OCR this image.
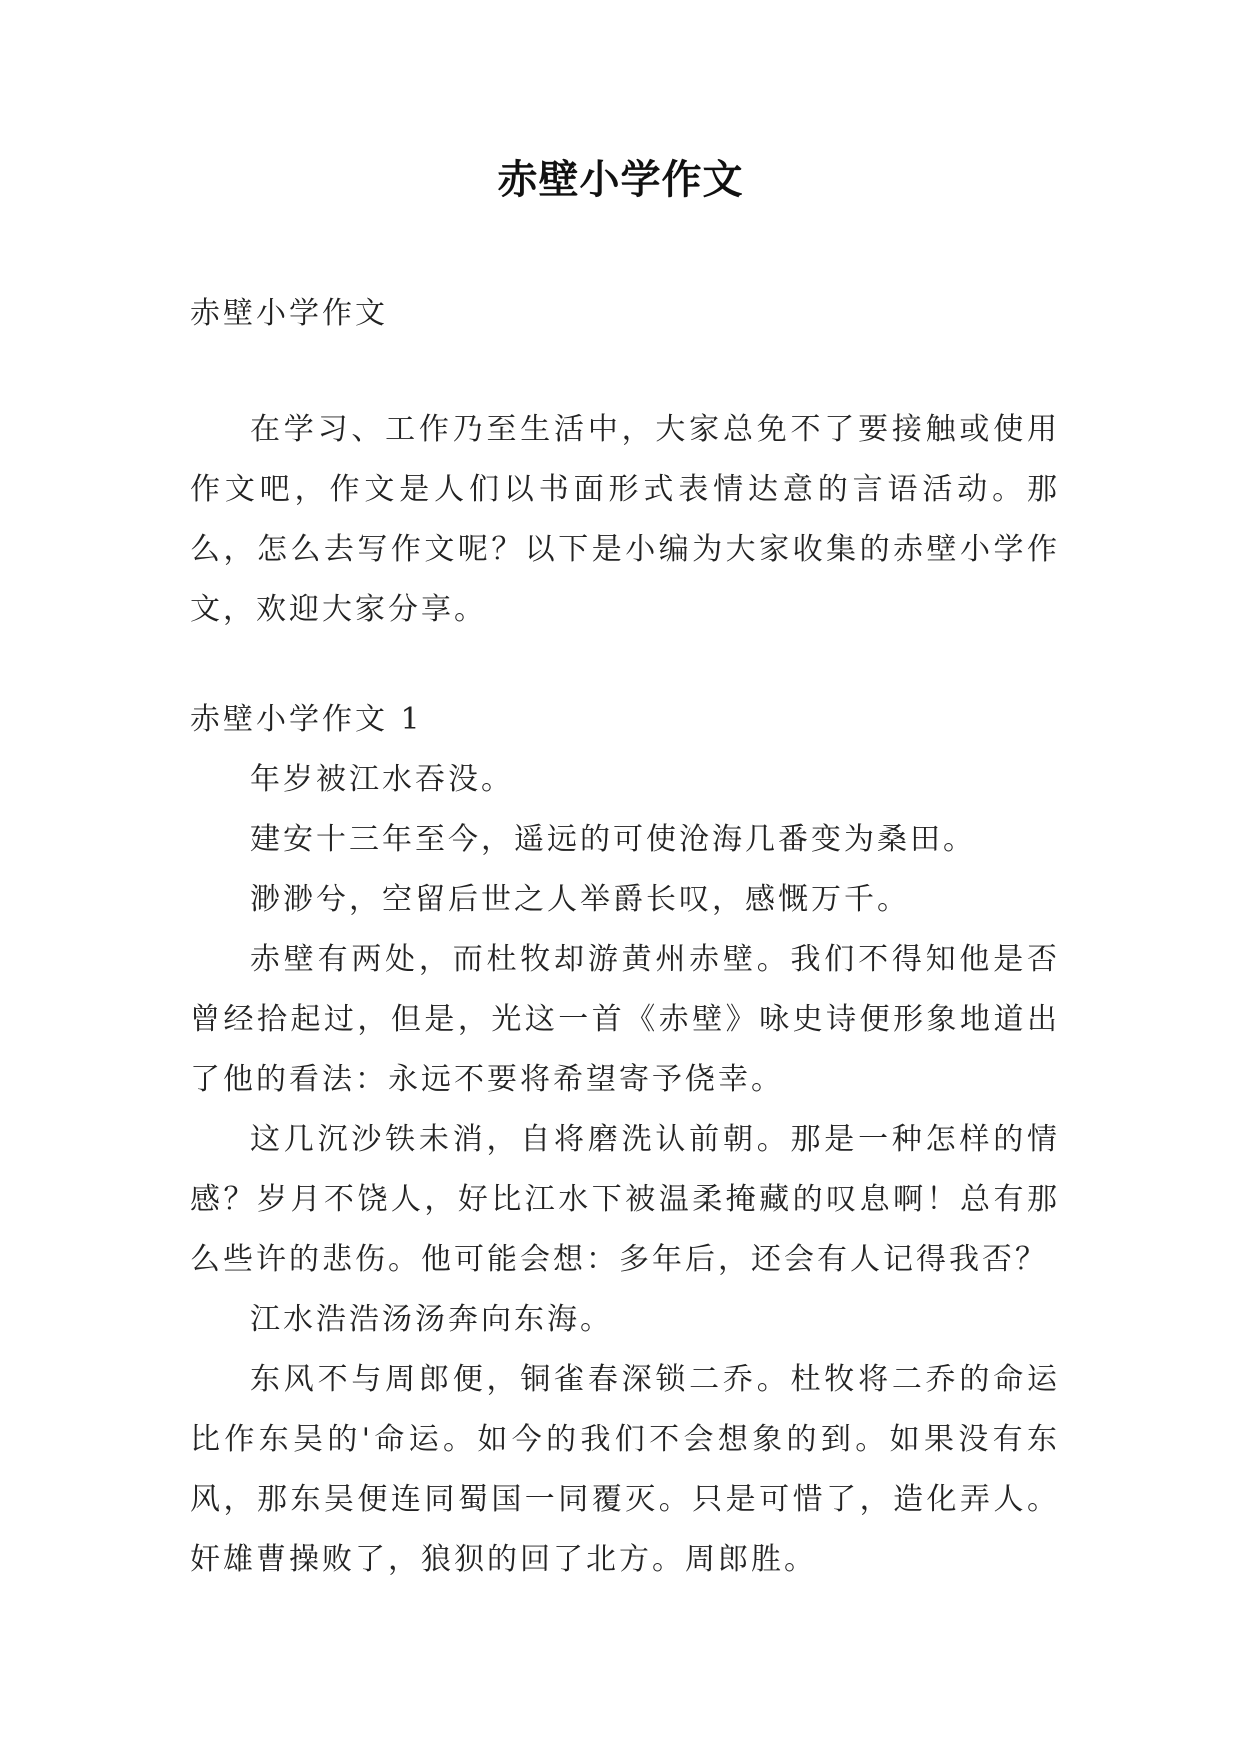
赤壁小学作文
赤壁小学作文

在学习、工作乃至生活中，大家总免不了要接触或使用作文吧，作文是人们以书面形式表情达意的言语活动。那么，怎么去写作文呢？以下是小编为大家收集的赤壁小学作文，欢迎大家分享。

赤壁小学作文 1

年岁被江水吞没。

建安十三年至今，遥远的可使沧海几番变为桑田。

渺渺兮，空留后世之人举爵长叹，感慨万千。

赤壁有两处，而杜牧却游黄州赤壁。我们不得知他是否曾经拾起过，但是，光这一首《赤壁》咏史诗便形象地道出了他的看法：永远不要将希望寄予侥幸。

这几沉沙铁未消，自将磨洗认前朝。那是一种怎样的情感？岁月不饶人，好比江水下被温柔掩藏的叹息啊！总有那么些许的悲伤。他可能会想：多年后，还会有人记得我否？

江水浩浩汤汤奔向东海。

东风不与周郎便，铜雀春深锁二乔。杜牧将二乔的命运比作东吴的'命运。如今的我们不会想象的到。如果没有东风，那东吴便连同蜀国一同覆灭。只是可惜了，造化弄人。奸雄曹操败了，狼狈的回了北方。周郎胜。
